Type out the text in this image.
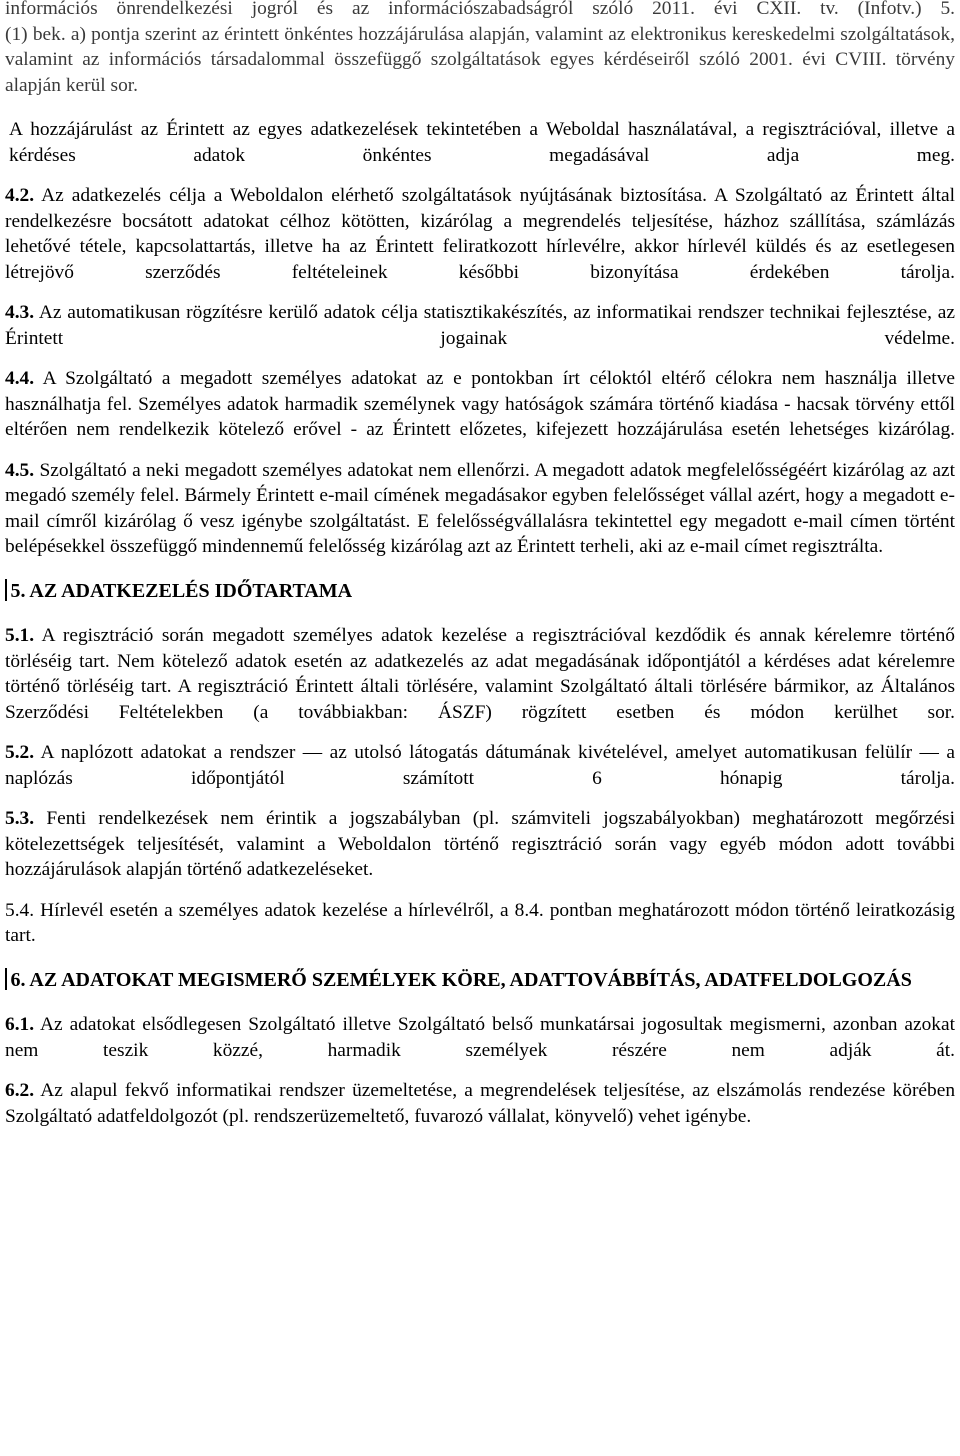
információs önrendelkezési jogról és az információszabadságról szóló 2011. évi CXII. tv. (Infotv.) 5.
(1) bek. a) pontja szerint az érintett önkéntes hozzájárulása alapján, valamint az elektronikus kereskedelmi szolgáltatások, valamint az információs társadalommal összefüggő szolgáltatások egyes kérdéseiről szóló 2001. évi CVIII. törvény alapján kerül sor.
A hozzájárulást az Érintett az egyes adatkezelések tekintetében a Weboldal használatával, a regisztrációval, illetve a kérdéses adatok önkéntes megadásával adja meg.
4.2. Az adatkezelés célja a Weboldalon elérhető szolgáltatások nyújtásának biztosítása. A Szolgáltató az Érintett által rendelkezésre bocsátott adatokat célhoz kötötten, kizárólag a megrendelés teljesítése, házhoz szállítása, számlázás lehetővé tétele, kapcsolattartás, illetve ha az Érintett feliratkozott hírlevélre, akkor hírlevél küldés és az esetlegesen létrejövő szerződés feltételeinek későbbi bizonyítása érdekében tárolja.
4.3. Az automatikusan rögzítésre kerülő adatok célja statisztikakészítés, az informatikai rendszer technikai fejlesztése, az Érintett jogainak védelme.
4.4. A Szolgáltató a megadott személyes adatokat az e pontokban írt céloktól eltérő célokra nem használja illetve használhatja fel. Személyes adatok harmadik személynek vagy hatóságok számára történő kiadása - hacsak törvény ettől eltérően nem rendelkezik kötelező erővel - az Érintett előzetes, kifejezett hozzájárulása esetén lehetséges kizárólag.
4.5. Szolgáltató a neki megadott személyes adatokat nem ellenőrzi. A megadott adatok megfelelősségéért kizárólag az azt megadó személy felel. Bármely Érintett e-mail címének megadásakor egyben felelősséget vállal azért, hogy a megadott e-mail címről kizárólag ő vesz igénybe szolgáltatást. E felelősségvállalásra tekintettel egy megadott e-mail címen történt belépésekkel összefüggő mindennemű felelősség kizárólag azt az Érintett terheli, aki az e-mail címet regisztrálta.
5. AZ ADATKEZELÉS IDŐTARTAMA
5.1. A regisztráció során megadott személyes adatok kezelése a regisztrációval kezdődik és annak kérelemre történő törléséig tart. Nem kötelező adatok esetén az adatkezelés az adat megadásának időpontjától a kérdéses adat kérelemre történő törléséig tart. A regisztráció Érintett általi törlésére, valamint Szolgáltató általi törlésére bármikor, az Általános Szerződési Feltételekben (a továbbiakban: ÁSZF) rögzített esetben és módon kerülhet sor.
5.2. A naplózott adatokat a rendszer — az utolsó látogatás dátumának kivételével, amelyet automatikusan felülír — a naplózás időpontjától számított 6 hónapig tárolja.
5.3. Fenti rendelkezések nem érintik a jogszabályban (pl. számviteli jogszabályokban) meghatározott megőrzési kötelezettségek teljesítését, valamint a Weboldalon történő regisztráció során vagy egyéb módon adott további hozzájárulások alapján történő adatkezeléseket.
5.4. Hírlevél esetén a személyes adatok kezelése a hírlevélről, a 8.4. pontban meghatározott módon történő leiratkozásig tart.
6. AZ ADATOKAT MEGISMERŐ SZEMÉLYEK KÖRE, ADATTOVÁBBÍTÁS, ADATFELDOLGOZÁS
6.1. Az adatokat elsődlegesen Szolgáltató illetve Szolgáltató belső munkatársai jogosultak megismerni, azonban azokat nem teszik közzé, harmadik személyek részére nem adják át.
6.2. Az alapul fekvő informatikai rendszer üzemeltetése, a megrendelések teljesítése, az elszámolás rendezése körében Szolgáltató adatfeldolgozót (pl. rendszerüzemeltető, fuvarozó vállalat, könyvelő) vehet igénybe.
